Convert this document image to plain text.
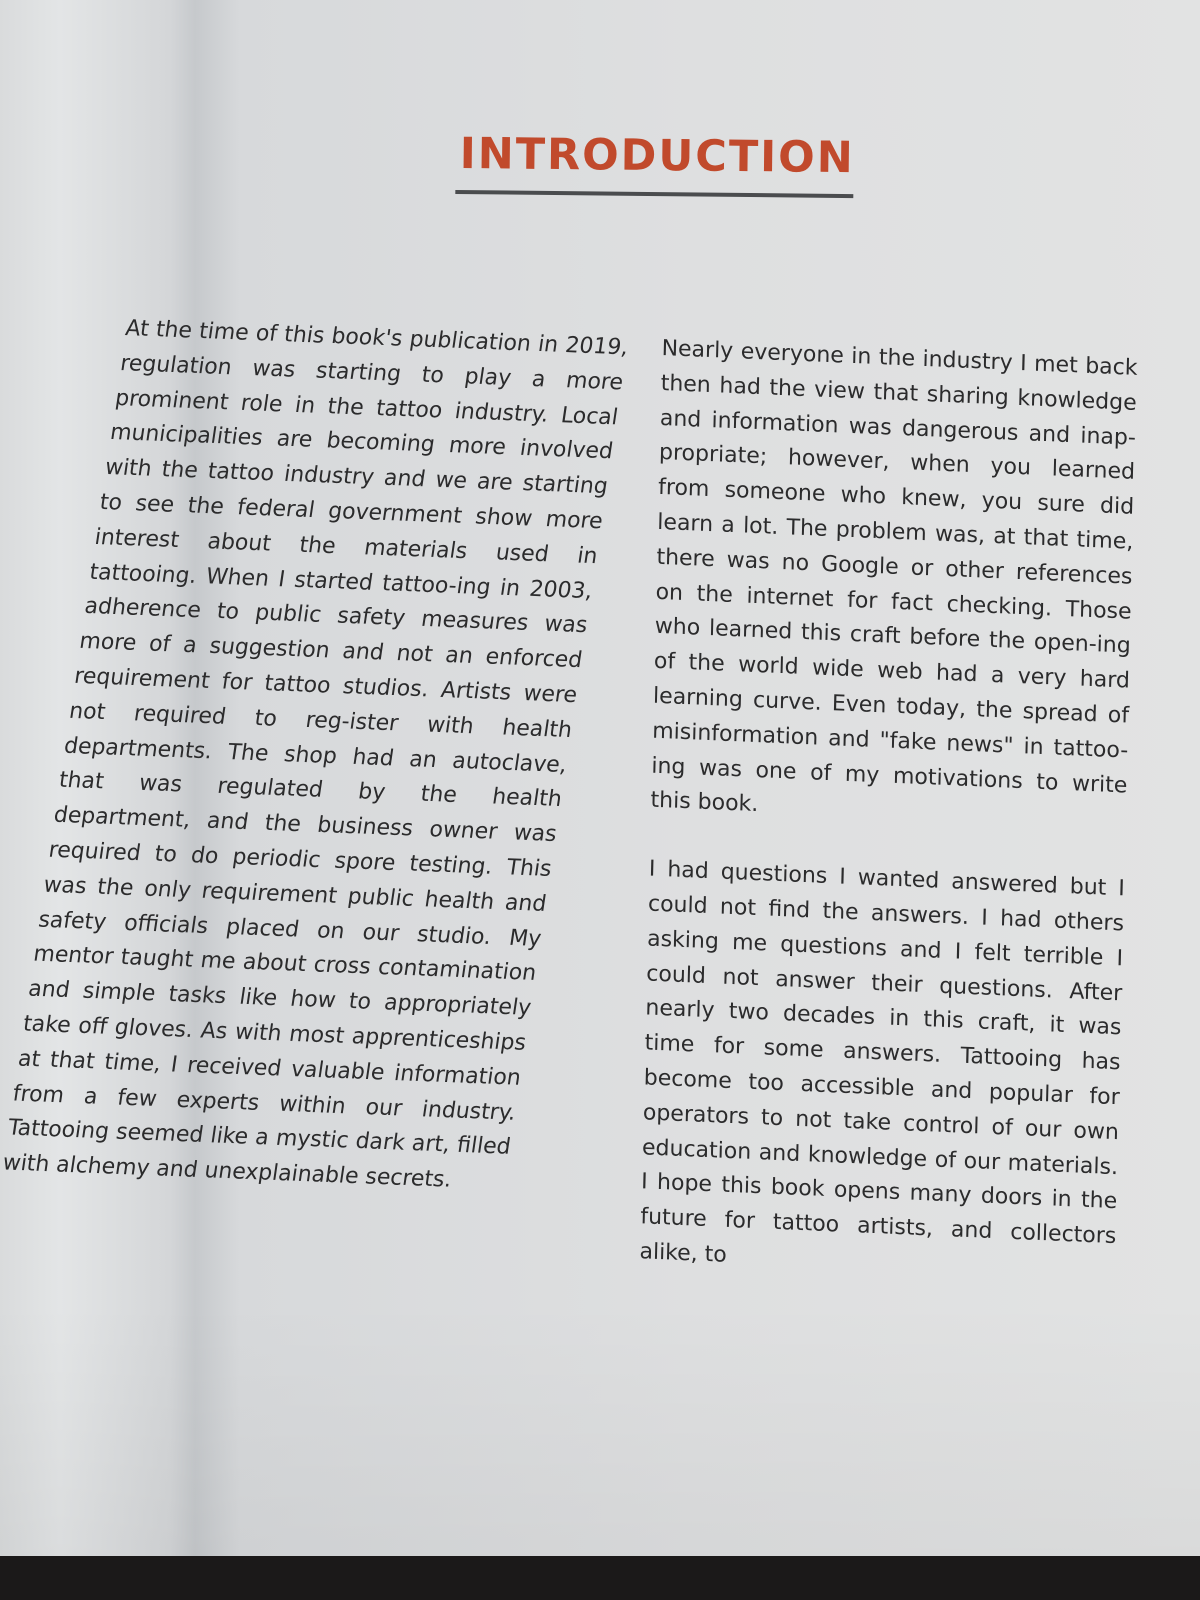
INTRODUCTION

At the time of this book's publication in 2019, regulation was starting to play a more prominent role in the tattoo industry. Local municipalities are becoming more involved with the tattoo industry and we are starting to see the federal government show more interest about the materials used in tattooing. When I started tattoo-ing in 2003, adherence to public safety measures was more of a suggestion and not an enforced requirement for tattoo studios. Artists were not required to reg-ister with health departments. The shop had an autoclave, that was regulated by the health department, and the business owner was required to do periodic spore testing. This was the only requirement public health and safety officials placed on our studio. My mentor taught me about cross contamination and simple tasks like how to appropriately take off gloves. As with most apprenticeships at that time, I received valuable information from a few experts within our industry. Tattooing seemed like a mystic dark art, filled with alchemy and unexplainable secrets.

Nearly everyone in the industry I met back then had the view that sharing knowledge and information was dangerous and inap-propriate; however, when you learned from someone who knew, you sure did learn a lot. The problem was, at that time, there was no Google or other references on the internet for fact checking. Those who learned this craft before the open-ing of the world wide web had a very hard learning curve. Even today, the spread of misinformation and "fake news" in tattoo-ing was one of my motivations to write this book.

I had questions I wanted answered but I could not find the answers. I had others asking me questions and I felt terrible I could not answer their questions. After nearly two decades in this craft, it was time for some answers. Tattooing has become too accessible and popular for operators to not take control of our own education and knowledge of our materials. I hope this book opens many doors in the future for tattoo artists, and collectors alike, to
